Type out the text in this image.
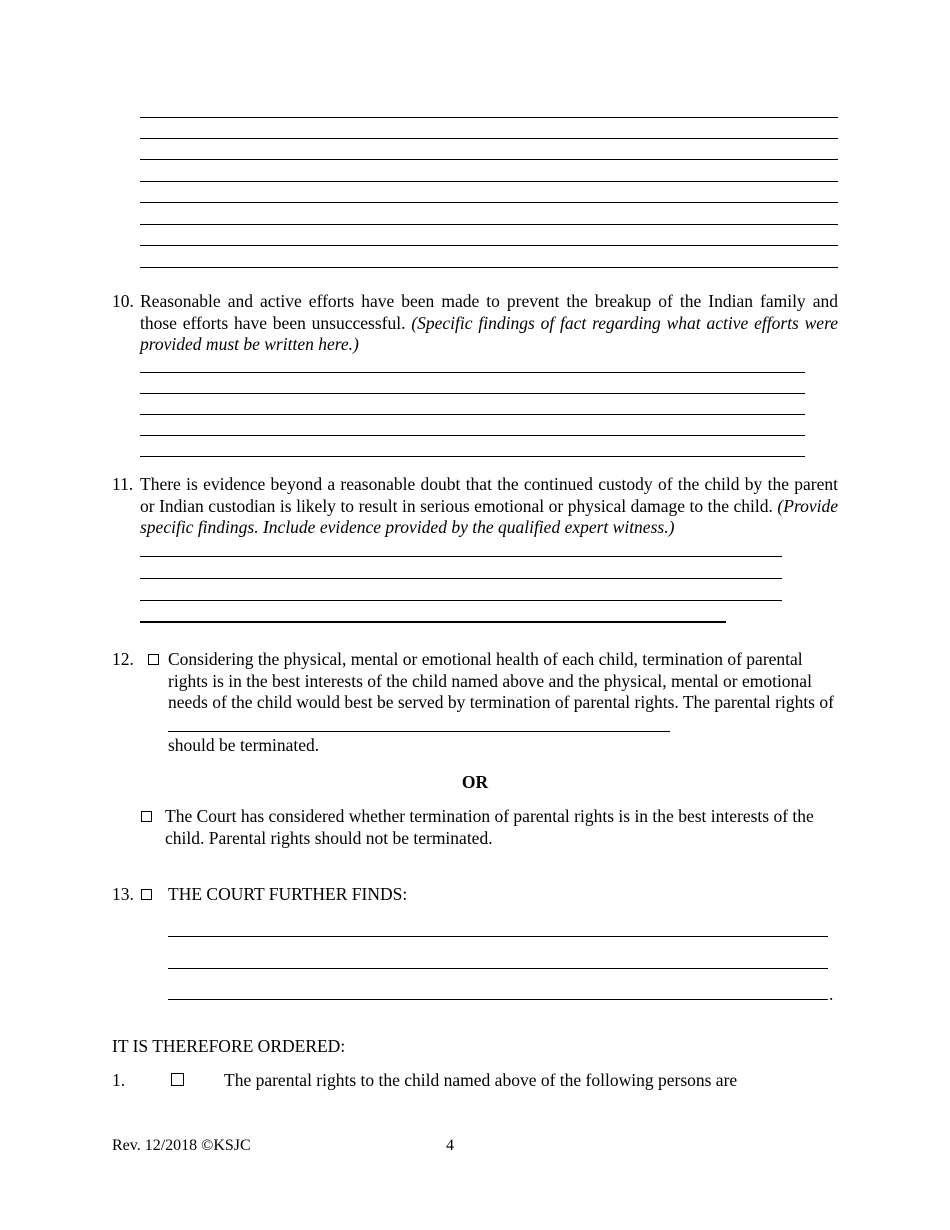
10. Reasonable and active efforts have been made to prevent the breakup of the Indian family and those efforts have been unsuccessful. (Specific findings of fact regarding what active efforts were provided must be written here.)
11. There is evidence beyond a reasonable doubt that the continued custody of the child by the parent or Indian custodian is likely to result in serious emotional or physical damage to the child. (Provide specific findings. Include evidence provided by the qualified expert witness.)
12. Considering the physical, mental or emotional health of each child, termination of parental rights is in the best interests of the child named above and the physical, mental or emotional needs of the child would best be served by termination of parental rights. The parental rights of
should be terminated.
OR
The Court has considered whether termination of parental rights is in the best interests of the child. Parental rights should not be terminated.
13. THE COURT FURTHER FINDS:
.
IT IS THEREFORE ORDERED:
1.	The parental rights to the child named above of the following persons are
Rev. 12/2018 ©KSJC	4
